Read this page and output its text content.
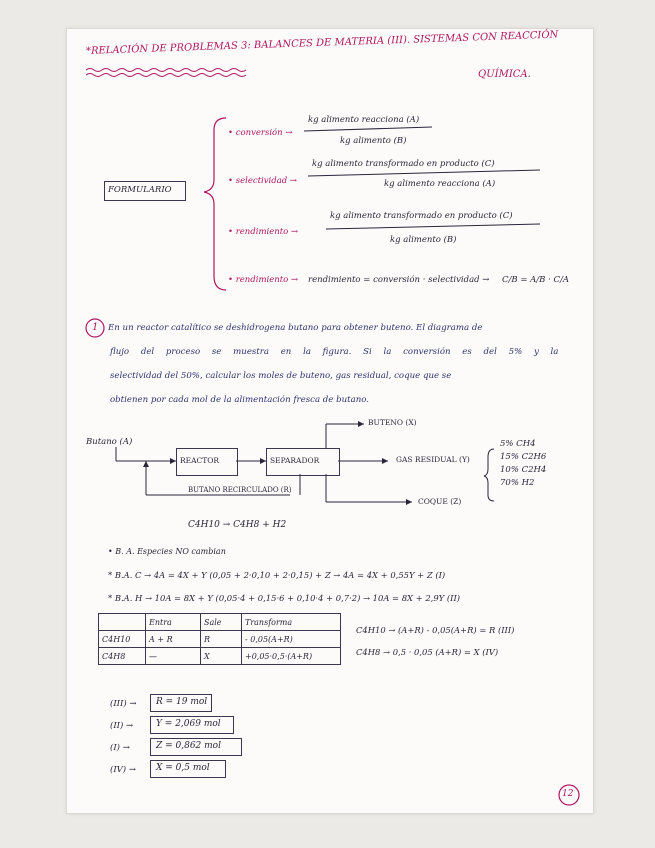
*RELACIÓN DE PROBLEMAS 3: BALANCES DE MATERIA (III). SISTEMAS CON REACCIÓN
QUÍMICA.
FORMULARIO
• conversión →
kg alimento reacciona (A)
kg alimento (B)
• selectividad →
kg alimento transformado en producto (C)
kg alimento reacciona (A)
• rendimiento →
kg alimento transformado en producto (C)
kg alimento (B)
• rendimiento → rendimiento = conversión · selectividad → C/B = A/B · C/A
1 En un reactor catalítico se deshidrogena butano para obtener buteno. El diagrama de
flujo del proceso se muestra en la figura. Si la conversión es del 5% y la
selectividad del 50%, calcular los moles de buteno, gas residual, coque que se
obtienen por cada mol de la alimentación fresca de butano.
Butano (A)
REACTOR	SEPARADOR
BUTENO (X)
GAS RESIDUAL (Y)
COQUE (Z)
BUTANO RECIRCULADO (R)
5% CH4
15% C2H6
10% C2H4
70% H2
C4H10 → C4H8 + H2
• B. A. Especies NO cambian
* B.A. C → 4A = 4X + Y (0,05 + 2·0,10 + 2·0,15) + Z → 4A = 4X + 0,55Y + Z (I)
* B.A. H → 10A = 8X + Y (0,05·4 + 0,15·6 + 0,10·4 + 0,7·2) → 10A = 8X + 2,9Y (II)
	Entra	Sale	Transforma
C4H10	A + R	R	- 0,05(A+R)
C4H8	—	X	+0,05·0,5·(A+R)
C4H10 → (A+R) - 0,05(A+R) = R (III)
C4H8 → 0,5 · 0,05 (A+R) = X (IV)
(III) → R = 19 mol
(II) →	Y = 2,069 mol
(I) →	Z = 0,862 mol
(IV) → X = 0,5 mol
12
